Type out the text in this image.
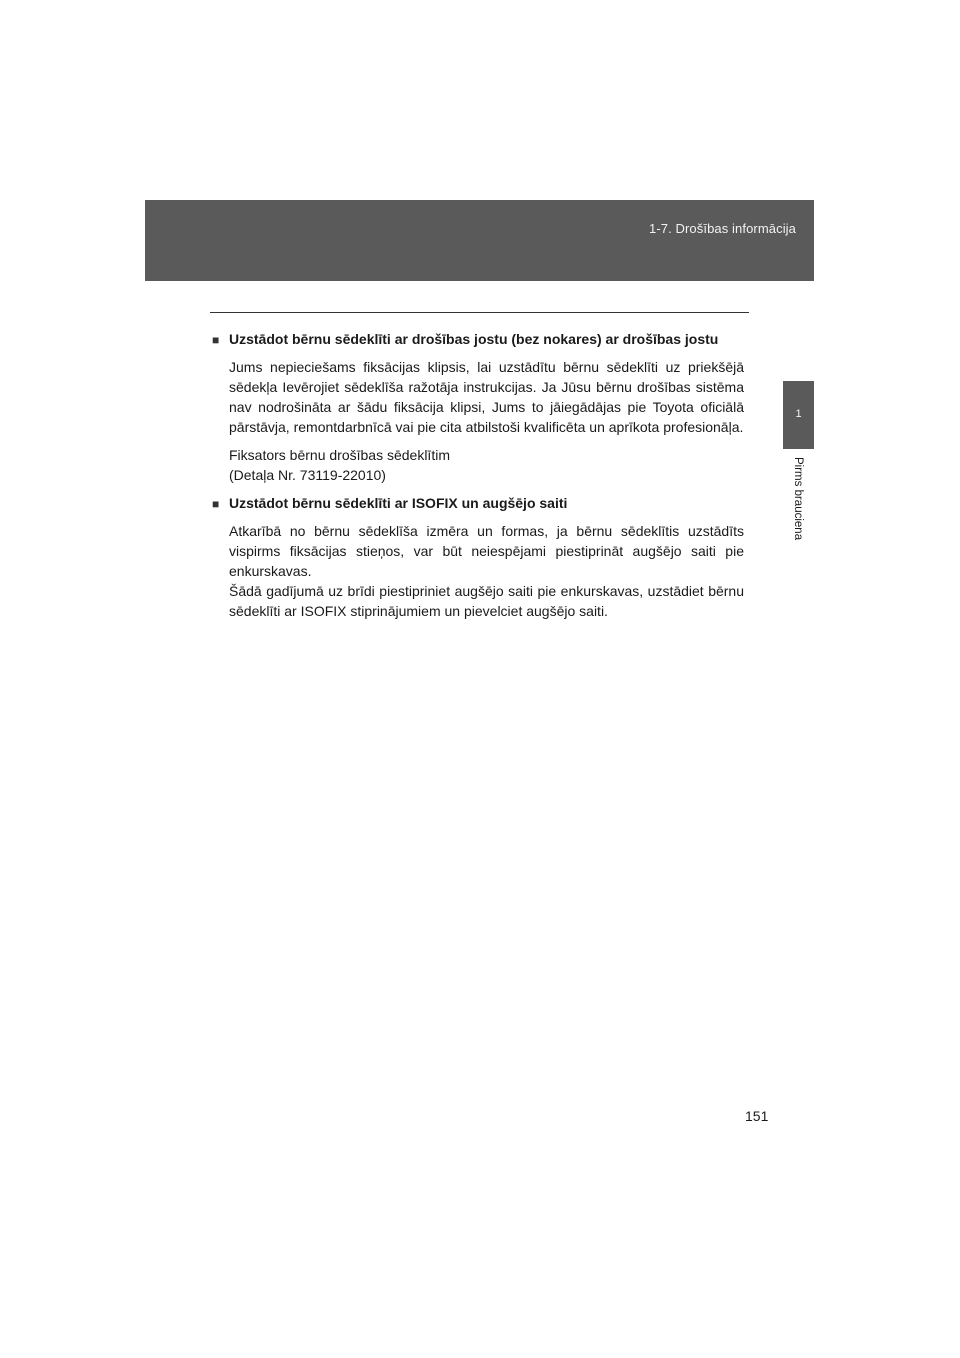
1-7. Drošības informācija
1
Pirms brauciena
■ Uzstādot bērnu sēdeklīti ar drošības jostu (bez nokares) ar drošības jostu

Jums nepieciešams fiksācijas klipsis, lai uzstādītu bērnu sēdeklīti uz priekšējā sēdekļa Ievērojiet sēdeklīša ražotāja instrukcijas. Ja Jūsu bērnu drošības sistēma nav nodrošināta ar šādu fiksācija klipsi, Jums to jāiegādājas pie Toyota oficiālā pārstāvja, remontdarbnīcā vai pie cita atbilstoši kvalificēta un aprīkota profesionāļa.

Fiksators bērnu drošības sēdeklītim

(Detaļa Nr. 73119-22010)

■ Uzstādot bērnu sēdeklīti ar ISOFIX un augšējo saiti

Atkarībā no bērnu sēdeklīša izmēra un formas, ja bērnu sēdeklītis uzstādīts vispirms fiksācijas stieņos, var būt neiespējami piestiprināt augšējo saiti pie enkurskavas.

Šādā gadījumā uz brīdi piestipriniet augšējo saiti pie enkurskavas, uzstādiet bērnu sēdeklīti ar ISOFIX stiprinājumiem un pievelciet augšējo saiti.

151
